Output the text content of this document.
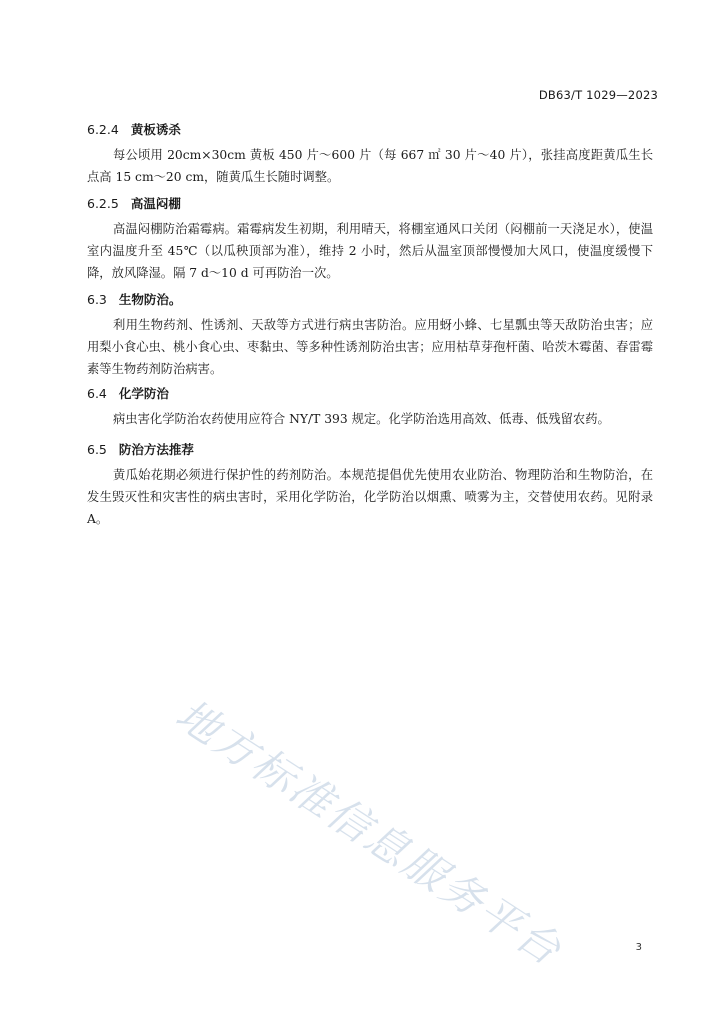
DB63/T 1029—2023
6.2.4 黄板诱杀
每公顷用 20cm×30cm 黄板 450 片～600 片（每 667 ㎡ 30 片～40 片），张挂高度距黄瓜生长点高 15 cm～20 cm，随黄瓜生长随时调整。
6.2.5 高温闷棚
高温闷棚防治霜霉病。霜霉病发生初期，利用晴天，将棚室通风口关闭（闷棚前一天浇足水），使温室内温度升至 45℃（以瓜秧顶部为准），维持 2 小时，然后从温室顶部慢慢加大风口，使温度缓慢下降，放风降湿。隔 7 d～10 d 可再防治一次。
6.3 生物防治。
利用生物药剂、性诱剂、天敌等方式进行病虫害防治。应用蚜小蜂、七星瓢虫等天敌防治虫害；应用梨小食心虫、桃小食心虫、枣黏虫、等多种性诱剂防治虫害；应用枯草芽孢杆菌、哈茨木霉菌、春雷霉素等生物药剂防治病害。
6.4 化学防治
病虫害化学防治农药使用应符合 NY/T 393 规定。化学防治选用高效、低毒、低残留农药。
6.5 防治方法推荐
黄瓜始花期必须进行保护性的药剂防治。本规范提倡优先使用农业防治、物理防治和生物防治，在发生毁灭性和灾害性的病虫害时，采用化学防治，化学防治以烟熏、喷雾为主，交替使用农药。见附录A。
地方标准信息服务平台	3
